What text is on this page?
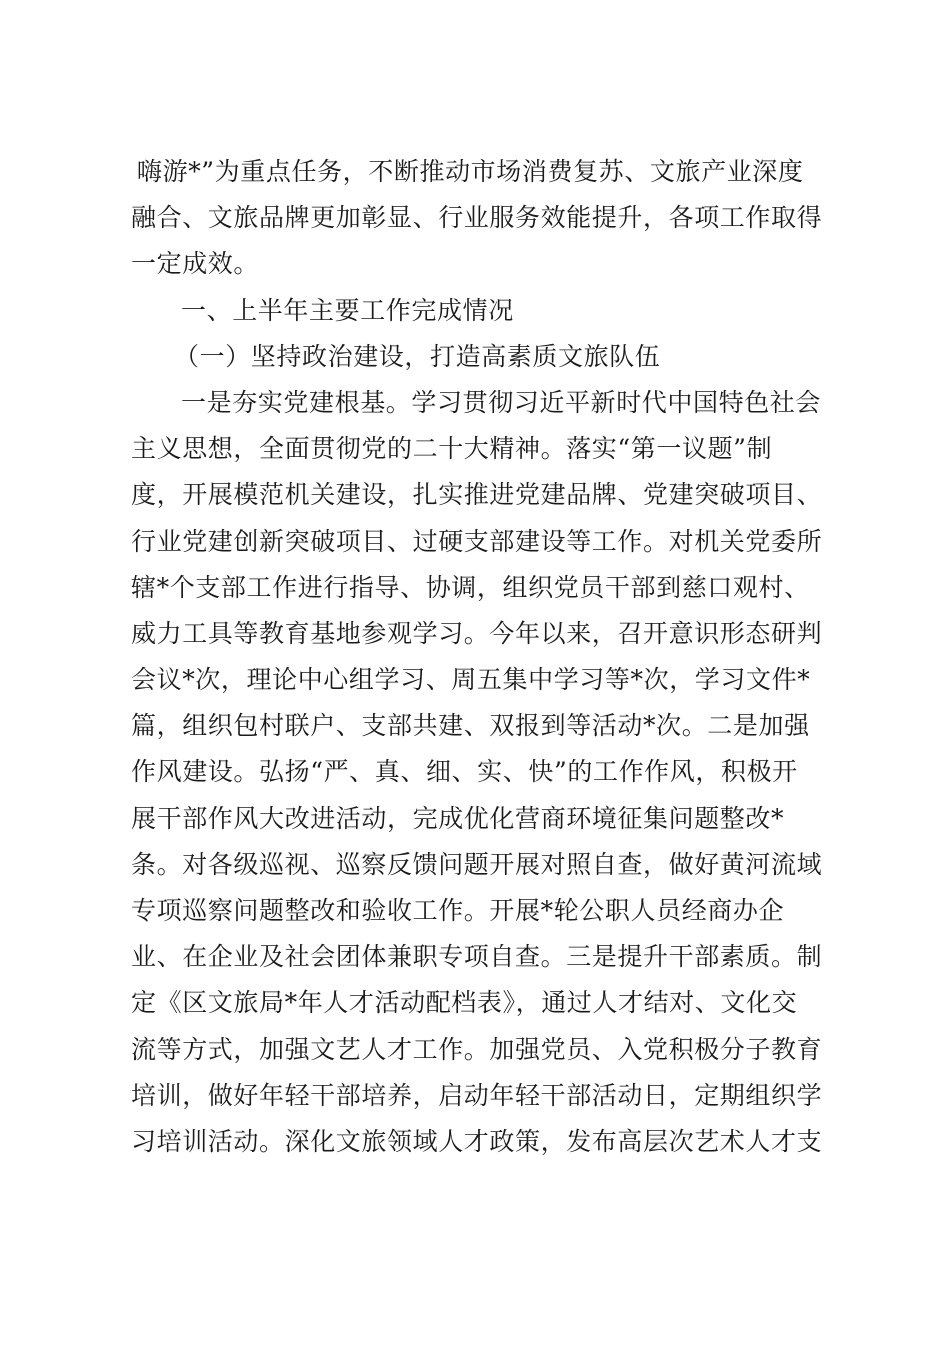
嗨游*”为重点任务，不断推动市场消费复苏、文旅产业深度
融合、文旅品牌更加彰显、行业服务效能提升，各项工作取得
一定成效。
一、上半年主要工作完成情况
（一）坚持政治建设，打造高素质文旅队伍
一是夯实党建根基。学习贯彻习近平新时代中国特色社会
主义思想，全面贯彻党的二十大精神。落实“第一议题”制
度，开展模范机关建设，扎实推进党建品牌、党建突破项目、
行业党建创新突破项目、过硬支部建设等工作。对机关党委所
辖*个支部工作进行指导、协调，组织党员干部到慈口观村、
威力工具等教育基地参观学习。今年以来，召开意识形态研判
会议*次，理论中心组学习、周五集中学习等*次，学习文件*
篇，组织包村联户、支部共建、双报到等活动*次。二是加强
作风建设。弘扬“严、真、细、实、快”的工作作风，积极开
展干部作风大改进活动，完成优化营商环境征集问题整改*
条。对各级巡视、巡察反馈问题开展对照自查，做好黄河流域
专项巡察问题整改和验收工作。开展*轮公职人员经商办企
业、在企业及社会团体兼职专项自查。三是提升干部素质。制
定《区文旅局*年人才活动配档表》，通过人才结对、文化交
流等方式，加强文艺人才工作。加强党员、入党积极分子教育
培训，做好年轻干部培养，启动年轻干部活动日，定期组织学
习培训活动。深化文旅领域人才政策，发布高层次艺术人才支
